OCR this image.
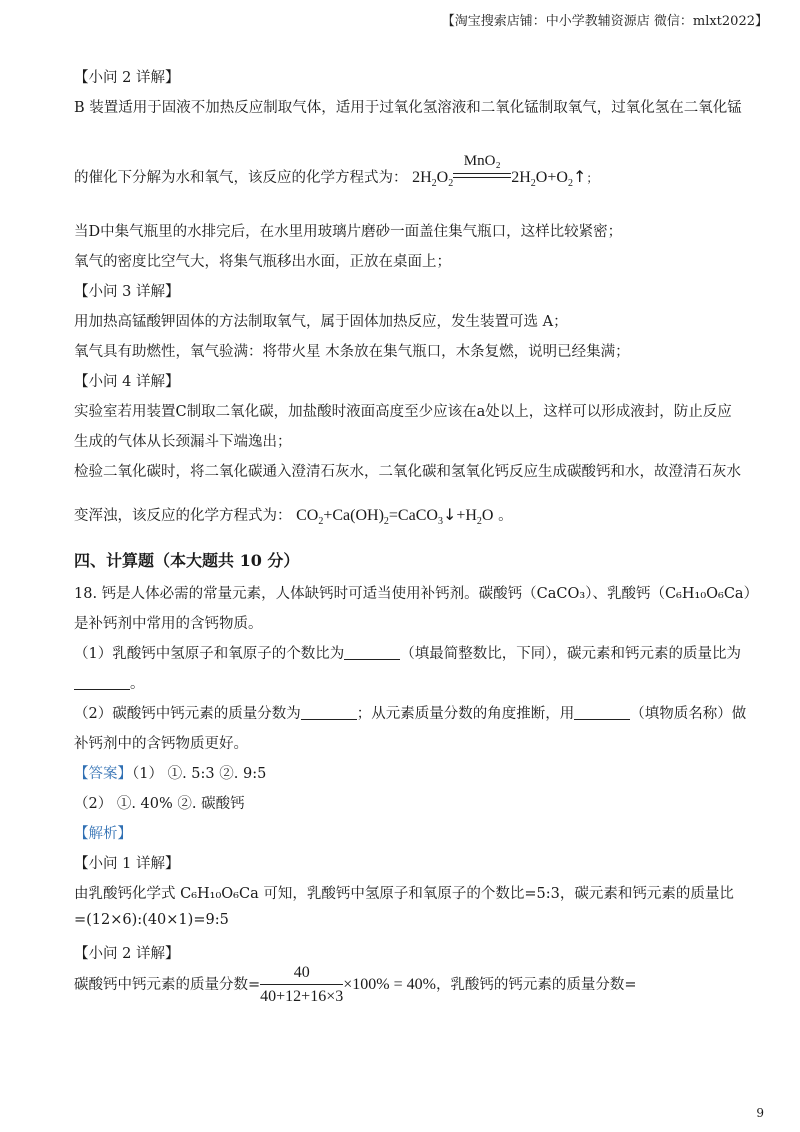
【淘宝搜索店铺：中小学教辅资源店 微信：mlxt2022】
【小问 2 详解】
B 装置适用于固液不加热反应制取气体，适用于过氧化氢溶液和二氧化锰制取氧气，过氧化氢在二氧化锰
的催化下分解为水和氧气，该反应的化学方程式为： $2H_2O_2$
MnO₂
$2H_2O+O_2↑$；
当D中集气瓶里的水排完后，在水里用玻璃片磨砂一面盖住集气瓶口，这样比较紧密；
氧气的密度比空气大，将集气瓶移出水面，正放在桌面上；
【小问 3 详解】
用加热高锰酸钾固体的方法制取氧气，属于固体加热反应，发生装置可选 A；
氧气具有助燃性，氧气验满：将带火星 木条放在集气瓶口，木条复燃，说明已经集满；
【小问 4 详解】
实验室若用装置C制取二氧化碳，加盐酸时液面高度至少应该在a处以上，这样可以形成液封，防止反应
生成的气体从长颈漏斗下端逸出；
检验二氧化碳时，将二氧化碳通入澄清石灰水，二氧化碳和氢氧化钙反应生成碳酸钙和水，故澄清石灰水
变浑浊，该反应的化学方程式为： $CO_2+Ca(OH)_2=CaCO_3↓+H_2O$ 。
四、计算题（本大题共 10 分）
18. 钙是人体必需的常量元素，人体缺钙时可适当使用补钙剂。碳酸钙（CaCO₃）、乳酸钙（C₆H₁₀O₆Ca）
是补钙剂中常用的含钙物质。
（1）乳酸钙中氢原子和氧原子的个数比为	（填最简整数比，下同），碳元素和钙元素的质量比为
。
（2）碳酸钙中钙元素的质量分数为	；从元素质量分数的角度推断，用	（填物质名称）做
补钙剂中的含钙物质更好。
【答案】（1） ①. 5:3 ②. 9:5
（2） ①. 40% ②. 碳酸钙
【解析】
【小问 1 详解】
由乳酸钙化学式 C₆H₁₀O₆Ca 可知，乳酸钙中氢原子和氧原子的个数比=5:3，碳元素和钙元素的质量比
=(12×6):(40×1)=9:5
【小问 2 详解】
碳酸钙中钙元素的质量分数= $\frac{40}{40+12+16\times 3} \times 100\% = 40\%$，乳酸钙的钙元素的质量分数=
9
